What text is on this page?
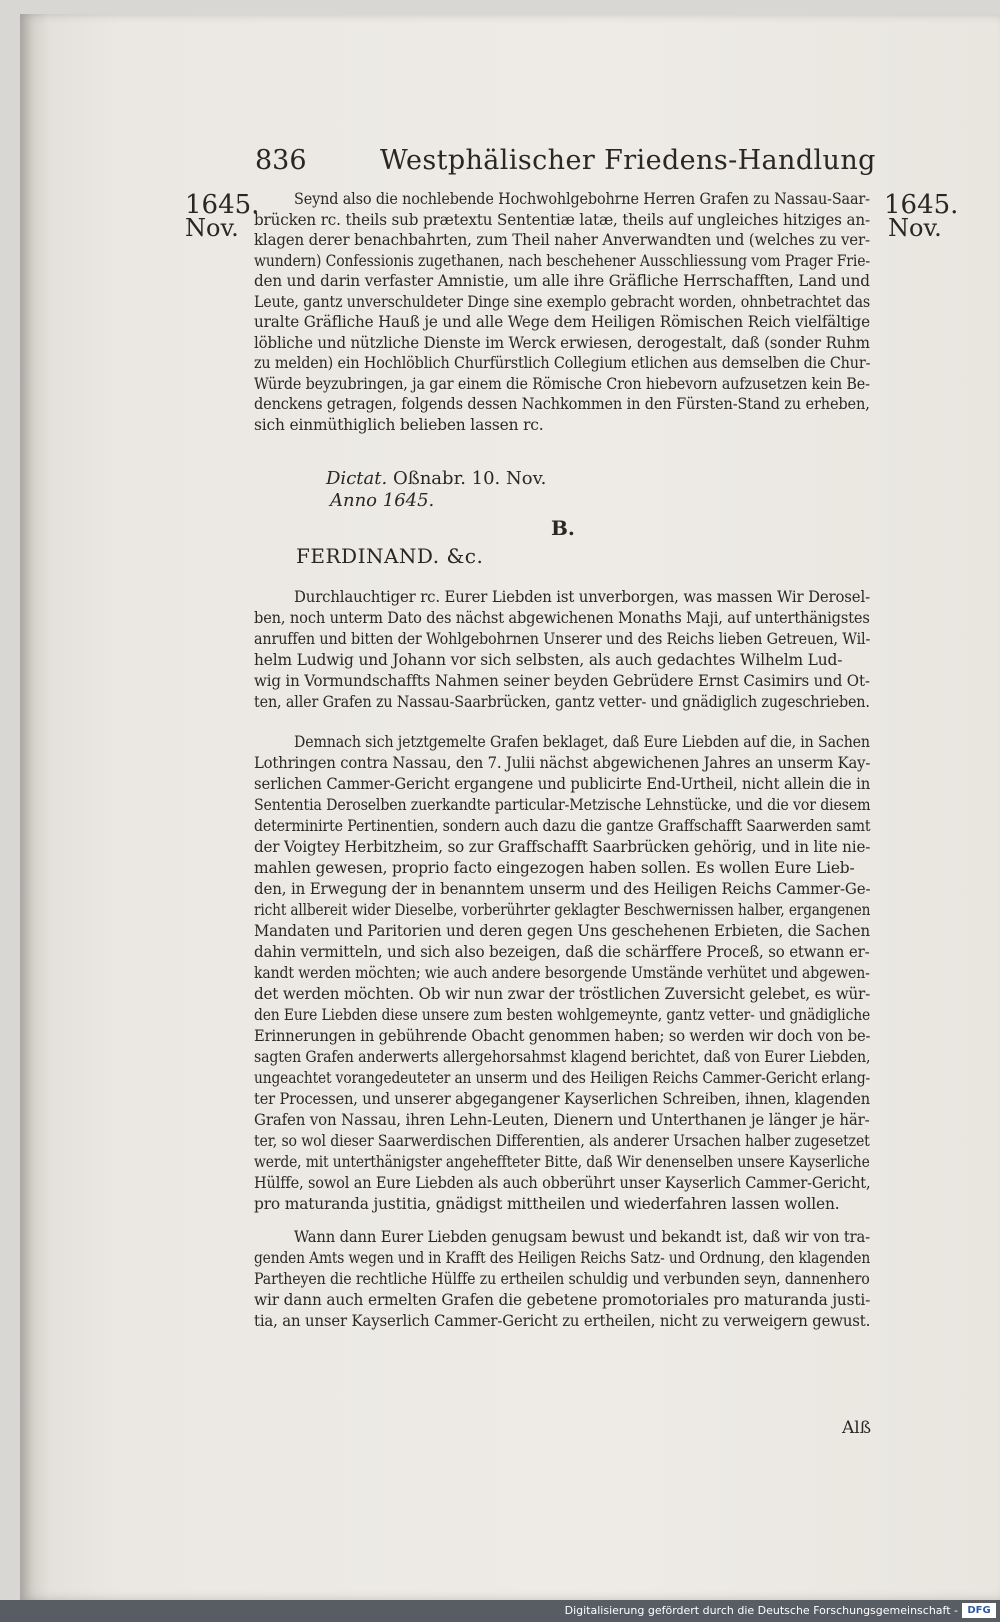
836	Westphälischer Friedens-Handlung
1645.
Nov.
1645.
Nov.
Seynd also die nochlebende Hochwohlgebohrne Herren Grafen zu Nassau-Saar-
brücken rc. theils sub prætextu Sententiæ latæ, theils auf ungleiches hitziges an-
klagen derer benachbahrten, zum Theil naher Anverwandten und (welches zu ver-
wundern) Confessionis zugethanen, nach beschehener Ausschliessung vom Prager Frie-
den und darin verfaster Amnistie, um alle ihre Gräfliche Herrschafften, Land und
Leute, gantz unverschuldeter Dinge sine exemplo gebracht worden, ohnbetrachtet das
uralte Gräfliche Hauß je und alle Wege dem Heiligen Römischen Reich vielfältige
löbliche und nützliche Dienste im Werck erwiesen, derogestalt, daß (sonder Ruhm
zu melden) ein Hochlöblich Churfürstlich Collegium etlichen aus demselben die Chur-
Würde beyzubringen, ja gar einem die Römische Cron hiebevorn aufzusetzen kein Be-
denckens getragen, folgends dessen Nachkommen in den Fürsten-Stand zu erheben,
sich einmüthiglich belieben lassen rc.
Dictat. Oßnabr. 10. Nov.
Anno 1645.
B.
FERDINAND. &c.
Durchlauchtiger rc. Eurer Liebden ist unverborgen, was massen Wir Derosel-
ben, noch unterm Dato des nächst abgewichenen Monaths Maji, auf unterthänigstes
anruffen und bitten der Wohlgebohrnen Unserer und des Reichs lieben Getreuen, Wil-
helm Ludwig und Johann vor sich selbsten, als auch gedachtes Wilhelm Lud-
wig in Vormundschaffts Nahmen seiner beyden Gebrüdere Ernst Casimirs und Ot-
ten, aller Grafen zu Nassau-Saarbrücken, gantz vetter- und gnädiglich zugeschrieben.
Demnach sich jetztgemelte Grafen beklaget, daß Eure Liebden auf die, in Sachen
Lothringen contra Nassau, den 7. Julii nächst abgewichenen Jahres an unserm Kay-
serlichen Cammer-Gericht ergangene und publicirte End-Urtheil, nicht allein die in
Sententia Deroselben zuerkandte particular-Metzische Lehnstücke, und die vor diesem
determinirte Pertinentien, sondern auch dazu die gantze Graffschafft Saarwerden samt
der Voigtey Herbitzheim, so zur Graffschafft Saarbrücken gehörig, und in lite nie-
mahlen gewesen, proprio facto eingezogen haben sollen. Es wollen Eure Lieb-
den, in Erwegung der in benanntem unserm und des Heiligen Reichs Cammer-Ge-
richt allbereit wider Dieselbe, vorberührter geklagter Beschwernissen halber, ergangenen
Mandaten und Paritorien und deren gegen Uns geschehenen Erbieten, die Sachen
dahin vermitteln, und sich also bezeigen, daß die schärffere Proceß, so etwann er-
kandt werden möchten; wie auch andere besorgende Umstände verhütet und abgewen-
det werden möchten. Ob wir nun zwar der tröstlichen Zuversicht gelebet, es wür-
den Eure Liebden diese unsere zum besten wohlgemeynte, gantz vetter- und gnädigliche
Erinnerungen in gebührende Obacht genommen haben; so werden wir doch von be-
sagten Grafen anderwerts allergehorsahmst klagend berichtet, daß von Eurer Liebden,
ungeachtet vorangedeuteter an unserm und des Heiligen Reichs Cammer-Gericht erlang-
ter Processen, und unserer abgegangener Kayserlichen Schreiben, ihnen, klagenden
Grafen von Nassau, ihren Lehn-Leuten, Dienern und Unterthanen je länger je här-
ter, so wol dieser Saarwerdischen Differentien, als anderer Ursachen halber zugesetzet
werde, mit unterthänigster angeheffteter Bitte, daß Wir denenselben unsere Kayserliche
Hülffe, sowol an Eure Liebden als auch obberührt unser Kayserlich Cammer-Gericht,
pro maturanda justitia, gnädigst mittheilen und wiederfahren lassen wollen.
Wann dann Eurer Liebden genugsam bewust und bekandt ist, daß wir von tra-
genden Amts wegen und in Krafft des Heiligen Reichs Satz- und Ordnung, den klagenden
Partheyen die rechtliche Hülffe zu ertheilen schuldig und verbunden seyn, dannenhero
wir dann auch ermelten Grafen die gebetene promotoriales pro maturanda justi-
tia, an unser Kayserlich Cammer-Gericht zu ertheilen, nicht zu verweigern gewust.
Alß
Digitalisierung gefördert durch die Deutsche Forschungsgemeinschaft - DFG
